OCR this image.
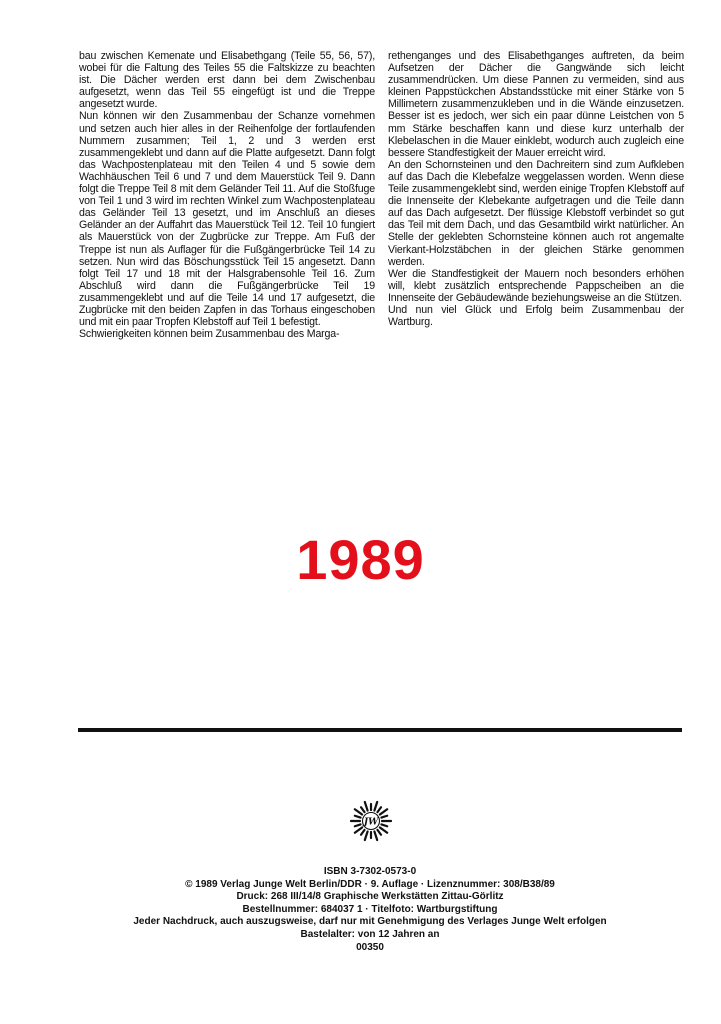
bau zwischen Kemenate und Elisabethgang (Teile 55, 56, 57), wobei für die Faltung des Teiles 55 die Faltskizze zu beachten ist. Die Dächer werden erst dann bei dem Zwischenbau aufgesetzt, wenn das Teil 55 eingefügt ist und die Treppe angesetzt wurde.

Nun können wir den Zusammenbau der Schanze vornehmen und setzen auch hier alles in der Reihenfolge der fortlaufenden Nummern zusammen; Teil 1, 2 und 3 werden erst zusammengeklebt und dann auf die Platte aufgesetzt. Dann folgt das Wachpostenplateau mit den Teilen 4 und 5 sowie dem Wachhäuschen Teil 6 und 7 und dem Mauerstück Teil 9. Dann folgt die Treppe Teil 8 mit dem Geländer Teil 11. Auf die Stoßfuge von Teil 1 und 3 wird im rechten Winkel zum Wachpostenplateau das Geländer Teil 13 gesetzt, und im Anschluß an dieses Geländer an der Auffahrt das Mauerstück Teil 12. Teil 10 fungiert als Mauerstück von der Zugbrücke zur Treppe. Am Fuß der Treppe ist nun als Auflager für die Fußgängerbrücke Teil 14 zu setzen. Nun wird das Böschungsstück Teil 15 angesetzt. Dann folgt Teil 17 und 18 mit der Halsgrabensohle Teil 16. Zum Abschluß wird dann die Fußgängerbrücke Teil 19 zusammengeklebt und auf die Teile 14 und 17 aufgesetzt, die Zugbrücke mit den beiden Zapfen in das Torhaus eingeschoben und mit ein paar Tropfen Klebstoff auf Teil 1 befestigt.

Schwierigkeiten können beim Zusammenbau des Marga-

rethenganges und des Elisabethganges auftreten, da beim Aufsetzen der Dächer die Gangwände sich leicht zusammendrücken. Um diese Pannen zu vermeiden, sind aus kleinen Pappstückchen Abstandsstücke mit einer Stärke von 5 Millimetern zusammenzukleben und in die Wände einzusetzen. Besser ist es jedoch, wer sich ein paar dünne Leistchen von 5 mm Stärke beschaffen kann und diese kurz unterhalb der Klebelaschen in die Mauer einklebt, wodurch auch zugleich eine bessere Standfestigkeit der Mauer erreicht wird.

An den Schornsteinen und den Dachreitern sind zum Aufkleben auf das Dach die Klebefalze weggelassen worden. Wenn diese Teile zusammengeklebt sind, werden einige Tropfen Klebstoff auf die Innenseite der Klebekante aufgetragen und die Teile dann auf das Dach aufgesetzt. Der flüssige Klebstoff verbindet so gut das Teil mit dem Dach, und das Gesamtbild wirkt natürlicher. An Stelle der geklebten Schornsteine können auch rot angemalte Vierkant-Holzstäbchen in der gleichen Stärke genommen werden.

Wer die Standfestigkeit der Mauern noch besonders erhöhen will, klebt zusätzlich entsprechende Pappscheiben an die Innenseite der Gebäudewände beziehungsweise an die Stützen.

Und nun viel Glück und Erfolg beim Zusammenbau der Wartburg.

1989
JW
ISBN 3-7302-0573-0
© 1989 Verlag Junge Welt Berlin/DDR · 9. Auflage · Lizenznummer: 308/B38/89
Druck: 268 III/14/8 Graphische Werkstätten Zittau-Görlitz
Bestellnummer: 684037 1 · Titelfoto: Wartburgstiftung
Jeder Nachdruck, auch auszugsweise, darf nur mit Genehmigung des Verlages Junge Welt erfolgen
Bastelalter: von 12 Jahren an
00350
